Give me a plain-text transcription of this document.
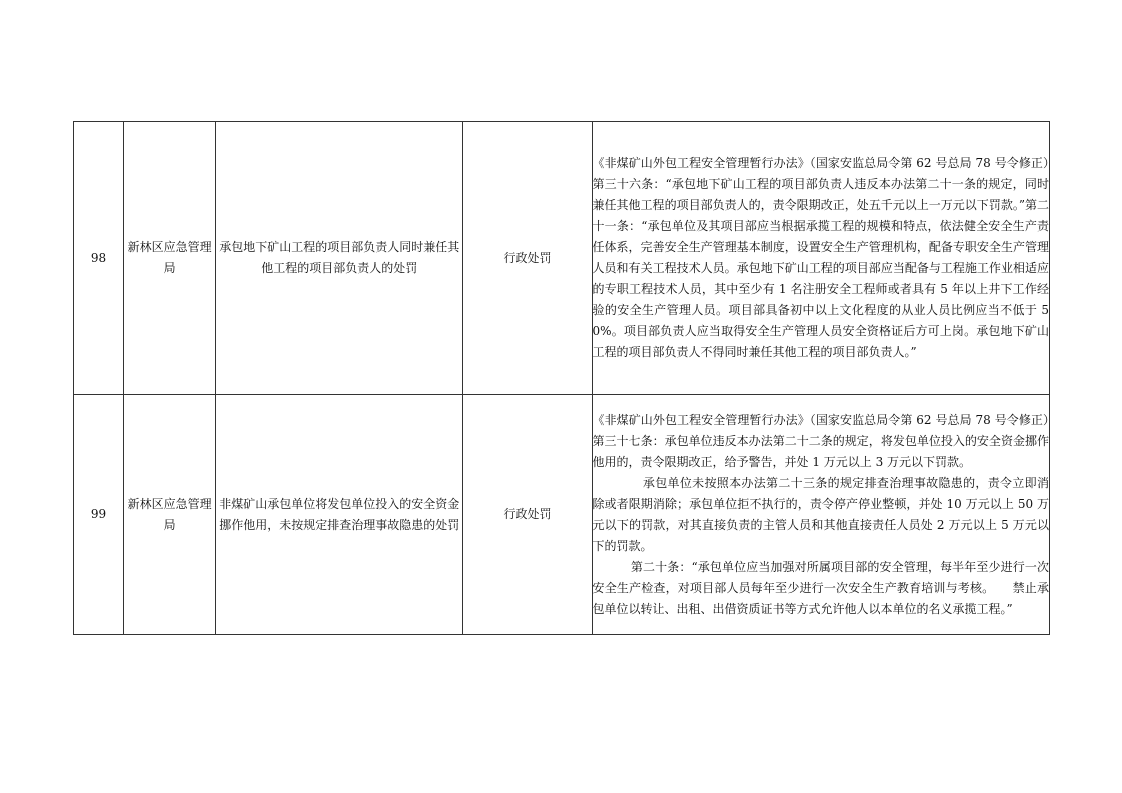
98	新林区应急管理局	承包地下矿山工程的项目部负责人同时兼任其他工程的项目部负责人的处罚	行政处罚	《非煤矿山外包工程安全管理暂行办法》（国家安监总局令第 62 号总局 78 号令修正）第三十六条：“承包地下矿山工程的项目部负责人违反本办法第二十一条的规定，同时兼任其他工程的项目部负责人的，责令限期改正，处五千元以上一万元以下罚款。”第二十一条：“承包单位及其项目部应当根据承揽工程的规模和特点，依法健全安全生产责任体系，完善安全生产管理基本制度，设置安全生产管理机构，配备专职安全生产管理人员和有关工程技术人员。承包地下矿山工程的项目部应当配备与工程施工作业相适应的专职工程技术人员，其中至少有 1 名注册安全工程师或者具有 5 年以上井下工作经验的安全生产管理人员。项目部具备初中以上文化程度的从业人员比例应当不低于 50%。项目部负责人应当取得安全生产管理人员安全资格证后方可上岗。承包地下矿山工程的项目部负责人不得同时兼任其他工程的项目部负责人。”

99	新林区应急管理局	非煤矿山承包单位将发包单位投入的安全资金挪作他用，未按规定排查治理事故隐患的处罚	行政处罚	《非煤矿山外包工程安全管理暂行办法》（国家安监总局令第 62 号总局 78 号令修正）第三十七条：承包单位违反本办法第二十二条的规定，将发包单位投入的安全资金挪作他用的，责令限期改正，给予警告，并处 1 万元以上 3 万元以下罚款。
承包单位未按照本办法第二十三条的规定排查治理事故隐患的，责令立即消除或者限期消除；承包单位拒不执行的，责令停产停业整顿，并处 10 万元以上 50 万元以下的罚款，对其直接负责的主管人员和其他直接责任人员处 2 万元以上 5 万元以下的罚款。
第二十条：“承包单位应当加强对所属项目部的安全管理，每半年至少进行一次安全生产检查，对项目部人员每年至少进行一次安全生产教育培训与考核。　　禁止承包单位以转让、出租、出借资质证书等方式允许他人以本单位的名义承揽工程。”
